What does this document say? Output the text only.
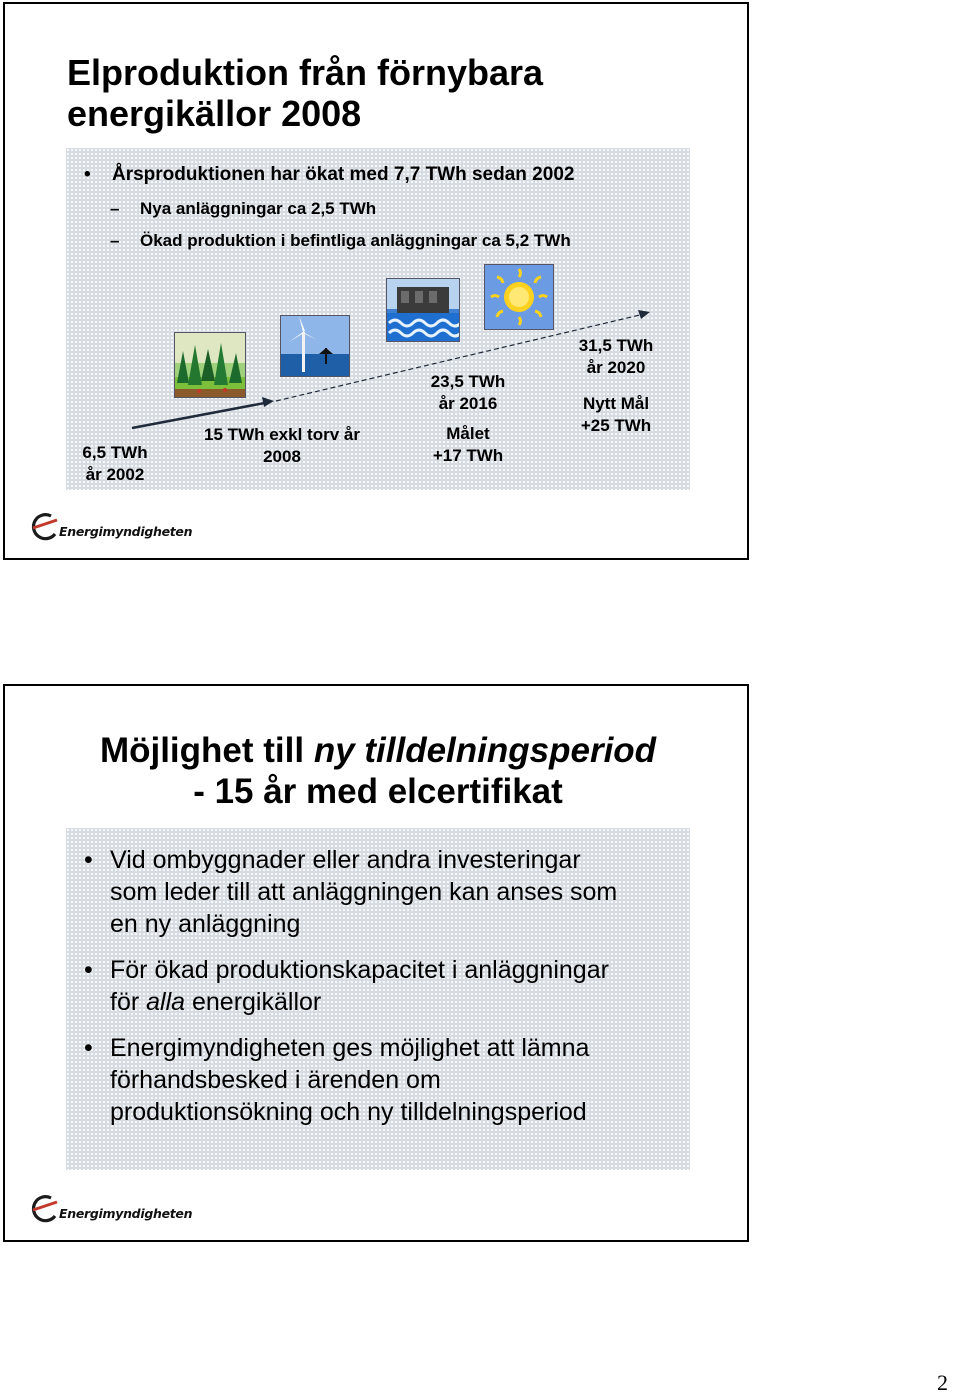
Elproduktion från förnybara
energikällor 2008
• Årsproduktionen har ökat med 7,7 TWh sedan 2002
– Nya anläggningar ca 2,5 TWh
– Ökad produktion i befintliga anläggningar ca 5,2 TWh
6,5 TWh
år 2002
15 TWh exkl torv år
2008
23,5 TWh
år 2016
Målet
+17 TWh
31,5 TWh
år 2020
Nytt Mål
+25 TWh
Energimyndigheten
Möjlighet till ny tilldelningsperiod
- 15 år med elcertifikat
• Vid ombyggnader eller andra investeringar
som leder till att anläggningen kan anses som
en ny anläggning
• För ökad produktionskapacitet i anläggningar
för alla energikällor
• Energimyndigheten ges möjlighet att lämna
förhandsbesked i ärenden om
produktionsökning och ny tilldelningsperiod
Energimyndigheten
2
